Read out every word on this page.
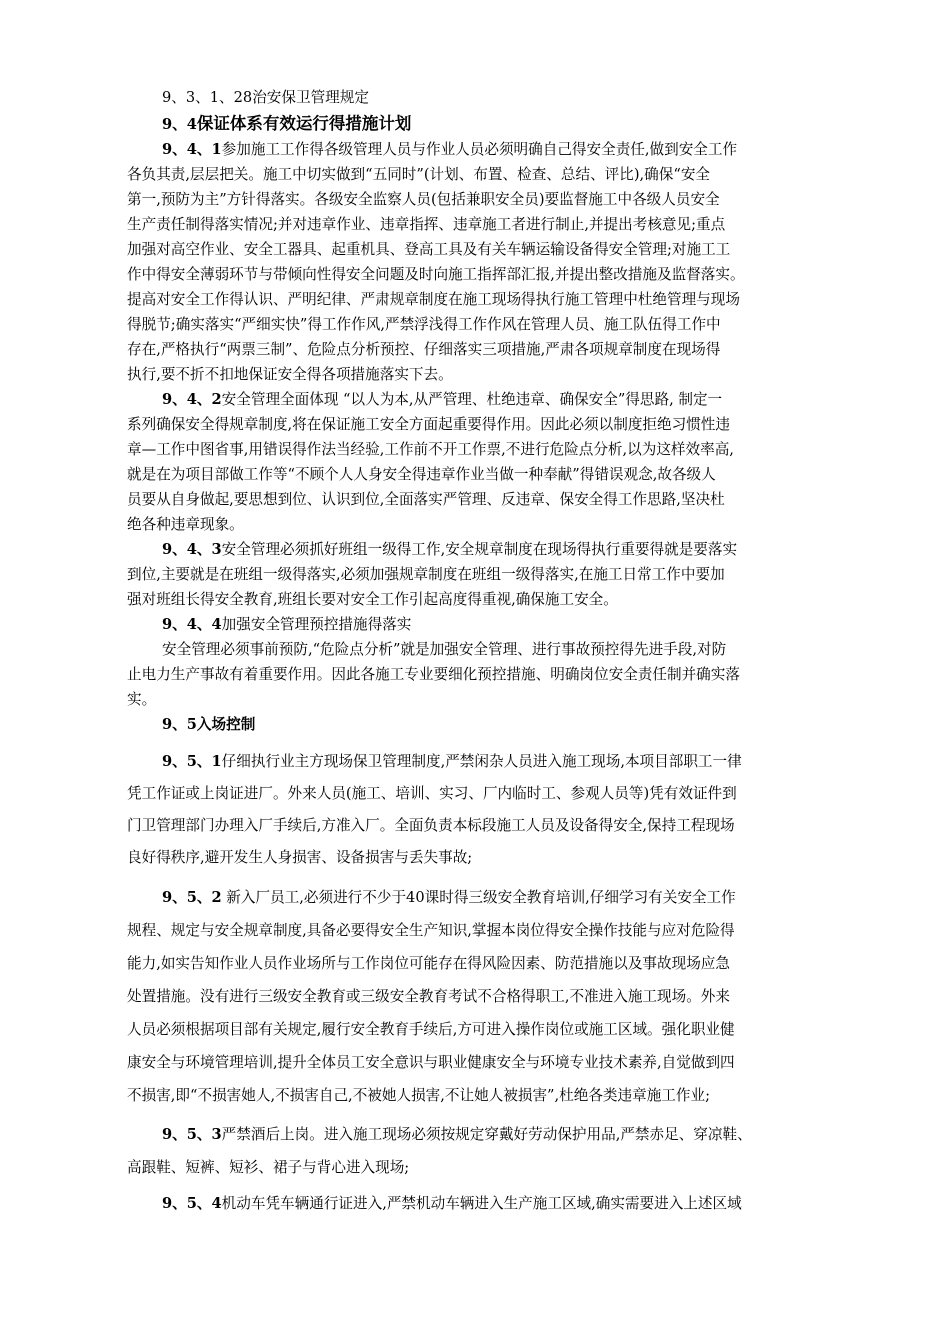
9、3、1、28治安保卫管理规定
9、4保证体系有效运行得措施计划
9、4、1参加施工工作得各级管理人员与作业人员必须明确自己得安全责任,做到安全工作
各负其责,层层把关。施工中切实做到“五同时”(计划、布置、检查、总结、评比),确保“安全
第一,预防为主”方针得落实。各级安全监察人员(包括兼职安全员)要监督施工中各级人员安全
生产责任制得落实情况;并对违章作业、违章指挥、违章施工者进行制止,并提出考核意见;重点
加强对高空作业、安全工器具、起重机具、登高工具及有关车辆运输设备得安全管理;对施工工
作中得安全薄弱环节与带倾向性得安全问题及时向施工指挥部汇报,并提出整改措施及监督落实。
提高对安全工作得认识、严明纪律、严肃规章制度在施工现场得执行施工管理中杜绝管理与现场
得脱节;确实落实“严细实快”得工作作风,严禁浮浅得工作作风在管理人员、施工队伍得工作中
存在,严格执行“两票三制”、危险点分析预控、仔细落实三项措施,严肃各项规章制度在现场得
执行,要不折不扣地保证安全得各项措施落实下去。
9、4、2安全管理全面体现 “以人为本,从严管理、杜绝违章、确保安全”得思路, 制定一
系列确保安全得规章制度,将在保证施工安全方面起重要得作用。因此必须以制度拒绝习惯性违
章—工作中图省事,用错误得作法当经验,工作前不开工作票,不进行危险点分析,以为这样效率高,
就是在为项目部做工作等“不顾个人人身安全得违章作业当做一种奉献”得错误观念,故各级人
员要从自身做起,要思想到位、认识到位,全面落实严管理、反违章、保安全得工作思路,坚决杜
绝各种违章现象。
9、4、3安全管理必须抓好班组一级得工作,安全规章制度在现场得执行重要得就是要落实
到位,主要就是在班组一级得落实,必须加强规章制度在班组一级得落实,在施工日常工作中要加
强对班组长得安全教育,班组长要对安全工作引起高度得重视,确保施工安全。
9、4、4加强安全管理预控措施得落实
安全管理必须事前预防,“危险点分析”就是加强安全管理、进行事故预控得先进手段,对防
止电力生产事故有着重要作用。因此各施工专业要细化预控措施、明确岗位安全责任制并确实落
实。
9、5入场控制
9、5、1仔细执行业主方现场保卫管理制度,严禁闲杂人员进入施工现场,本项目部职工一律
凭工作证或上岗证进厂。外来人员(施工、培训、实习、厂内临时工、参观人员等)凭有效证件到
门卫管理部门办理入厂手续后,方准入厂。全面负责本标段施工人员及设备得安全,保持工程现场
良好得秩序,避开发生人身损害、设备损害与丢失事故;
9、5、2 新入厂员工,必须进行不少于40课时得三级安全教育培训,仔细学习有关安全工作
规程、规定与安全规章制度,具备必要得安全生产知识,掌握本岗位得安全操作技能与应对危险得
能力,如实告知作业人员作业场所与工作岗位可能存在得风险因素、防范措施以及事故现场应急
处置措施。没有进行三级安全教育或三级安全教育考试不合格得职工,不准进入施工现场。外来
人员必须根据项目部有关规定,履行安全教育手续后,方可进入操作岗位或施工区域。强化职业健
康安全与环境管理培训,提升全体员工安全意识与职业健康安全与环境专业技术素养,自觉做到四
不损害,即“不损害她人,不损害自己,不被她人损害,不让她人被损害”,杜绝各类违章施工作业;
9、5、3严禁酒后上岗。进入施工现场必须按规定穿戴好劳动保护用品,严禁赤足、穿凉鞋、
高跟鞋、短裤、短衫、裙子与背心进入现场;
9、5、4机动车凭车辆通行证进入,严禁机动车辆进入生产施工区域,确实需要进入上述区域
